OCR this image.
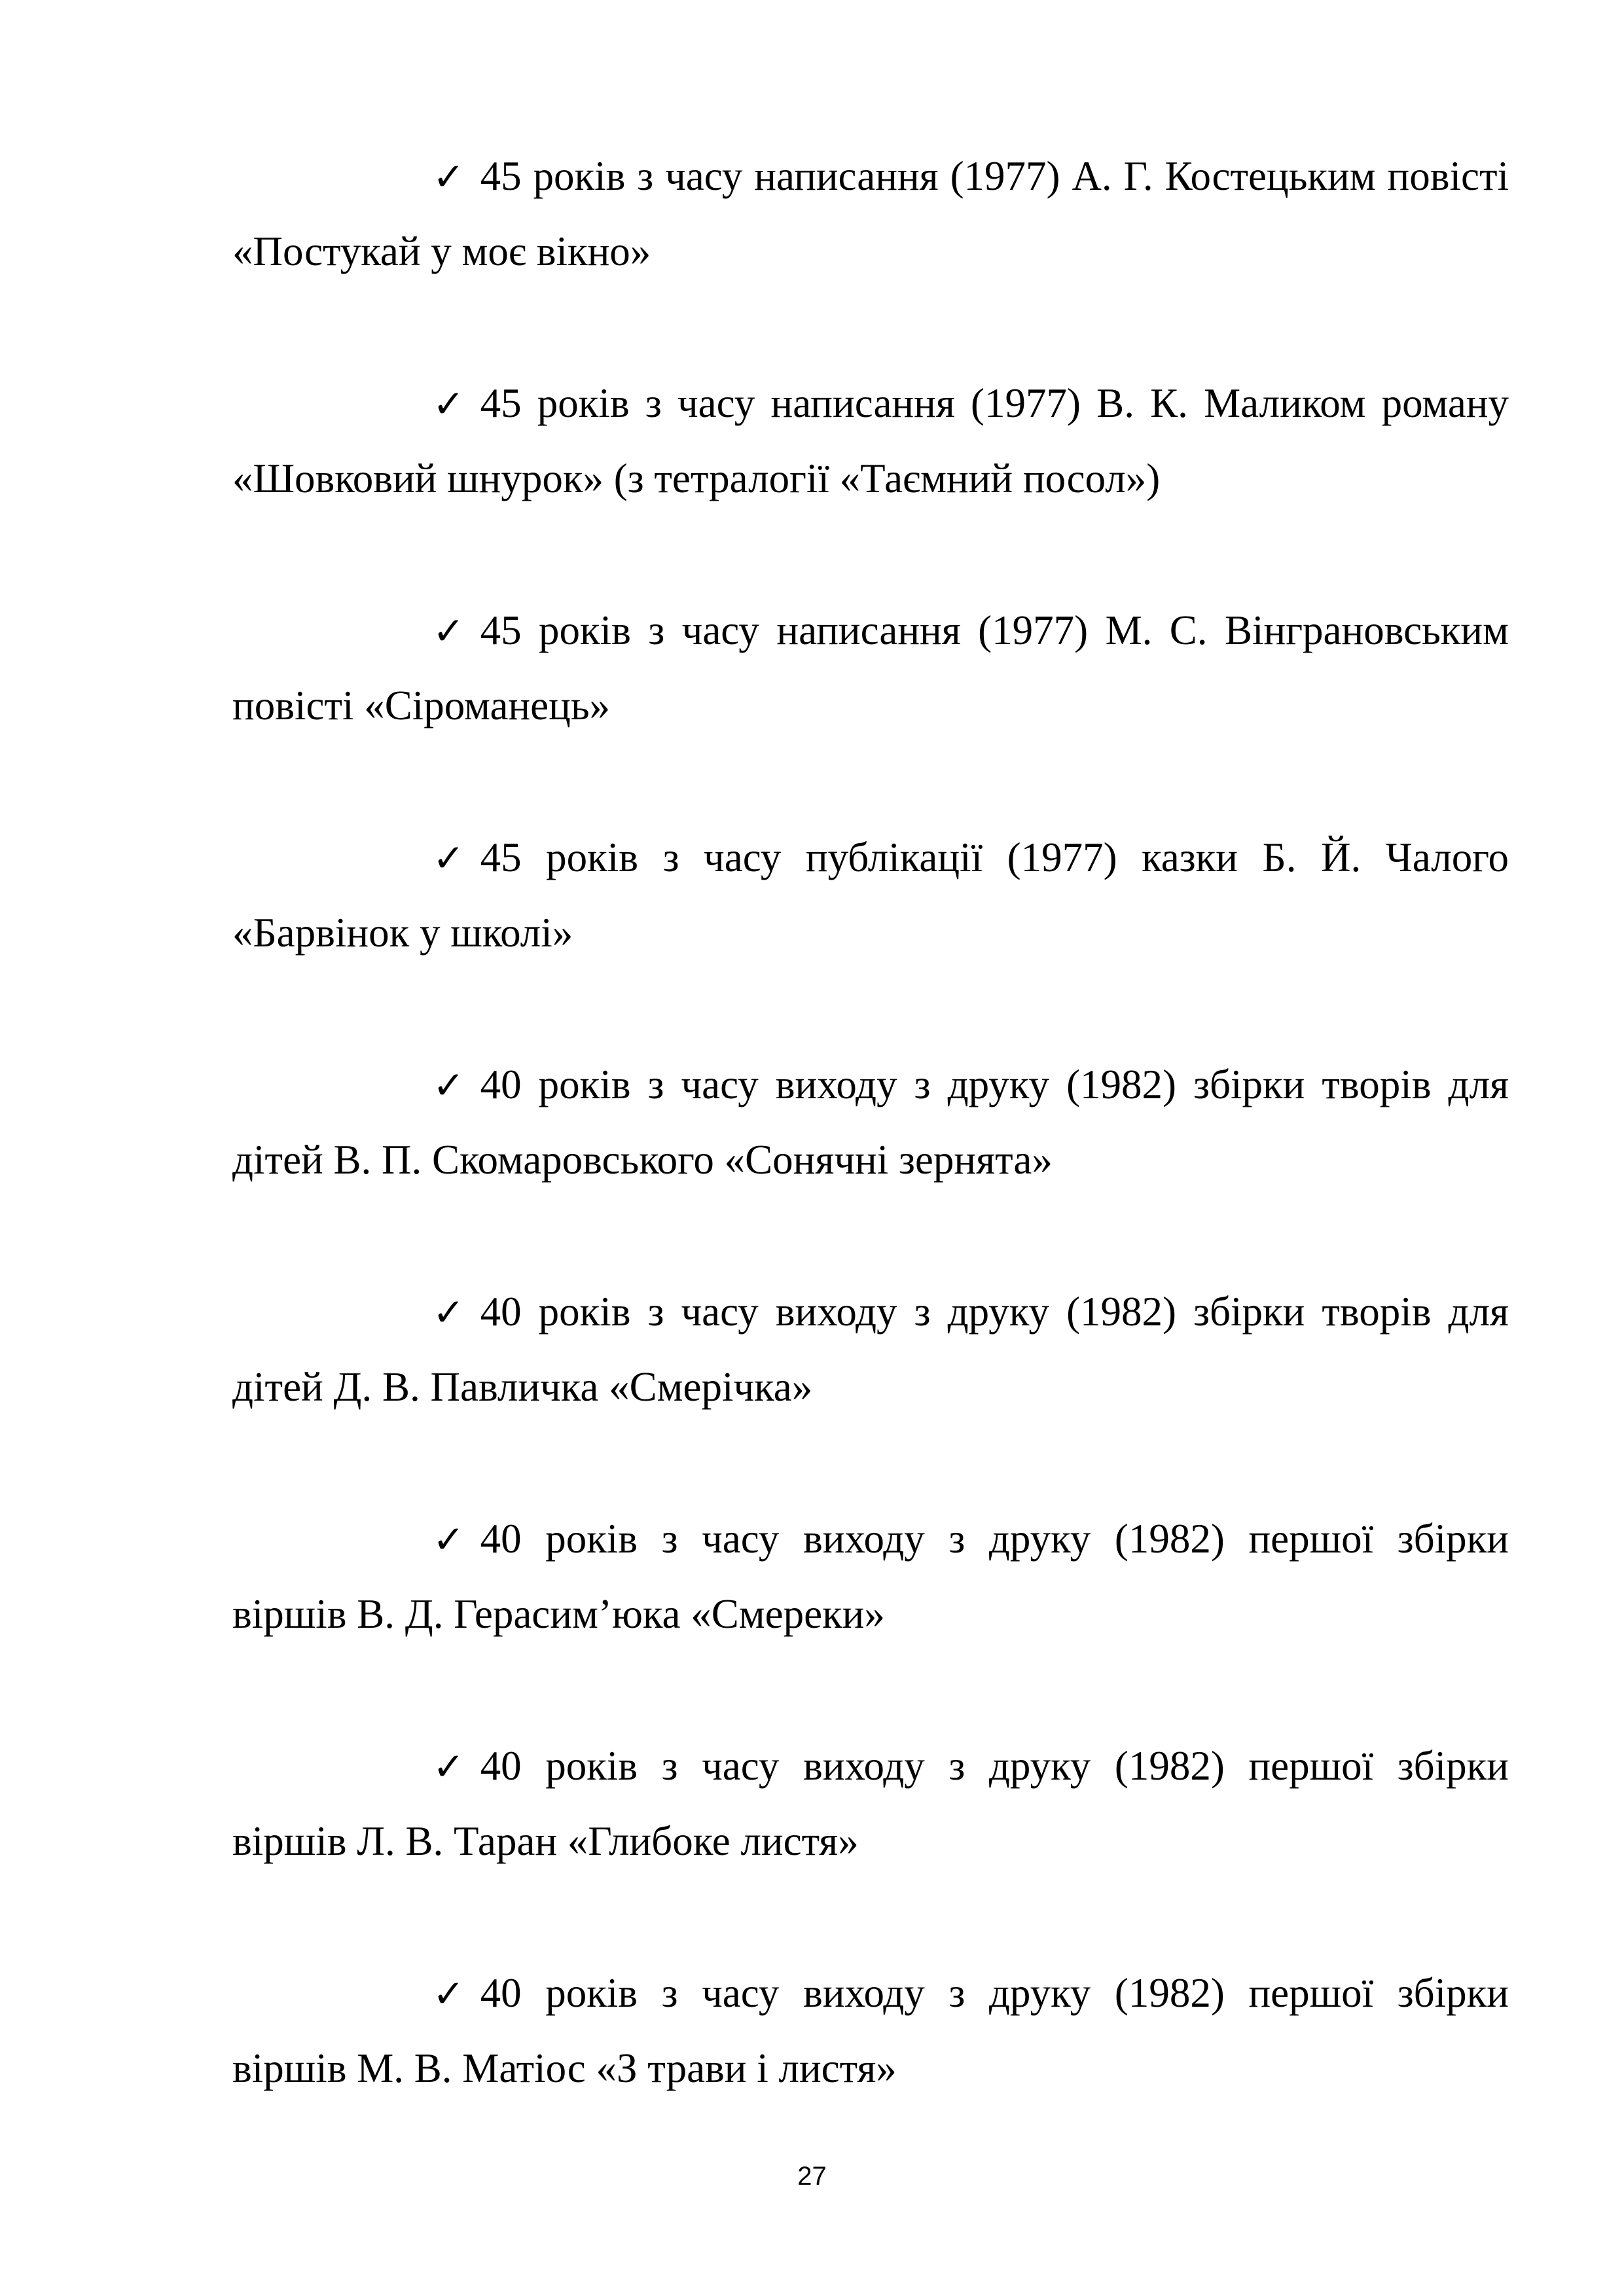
✓ 45 років з часу написання (1977) А. Г. Костецьким повісті «Постукай у моє вікно»
✓ 45 років з часу написання (1977) В. К. Маликом роману «Шовковий шнурок» (з тетралогії «Таємний посол»)
✓ 45 років з часу написання (1977) М. С. Вінграновським повісті «Сіроманець»
✓ 45 років з часу публікації (1977) казки Б. Й. Чалого «Барвінок у школі»
✓ 40 років з часу виходу з друку (1982) збірки творів для дітей В. П. Скомаровського «Сонячні зернята»
✓ 40 років з часу виходу з друку (1982) збірки творів для дітей Д. В. Павличка «Смерічка»
✓ 40 років з часу виходу з друку (1982) першої збірки віршів В. Д. Герасим’юка «Смереки»
✓ 40 років з часу виходу з друку (1982) першої збірки віршів Л. В. Таран «Глибоке листя»
✓ 40 років з часу виходу з друку (1982) першої збірки віршів М. В. Матіос «З трави і листя»
27
